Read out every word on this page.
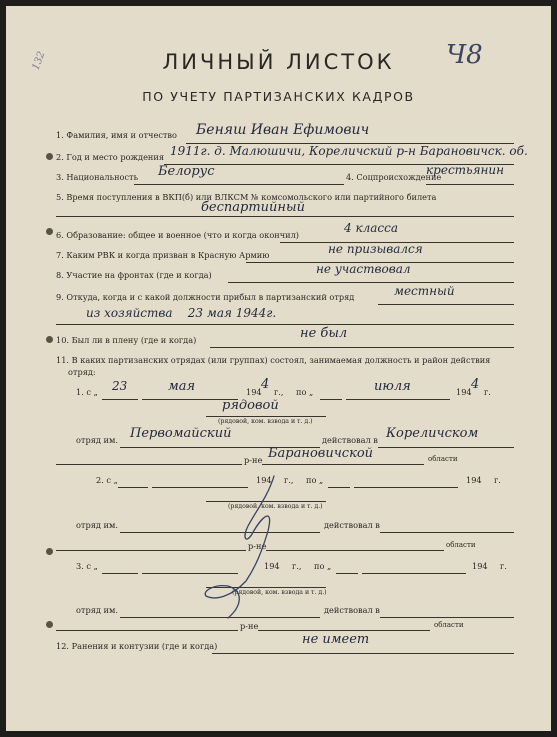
132	ЛИЧНЫЙ ЛИСТОК	Ч8
ПО УЧЕТУ ПАРТИЗАНСКИХ КАДРОВ
1. Фамилия, имя и отчество Беняш Иван Ефимович
2. Год и место рождения 1911г. д. Малюшичи, Кореличский р-н Барановичск. об.
3. Национальность Белорус	4. Соцпроисхождение
крестьянин
5. Время поступления в ВКП(б) или ВЛКСМ № комсомольского или партийного билета
беспартийный
6. Образование: общее и военное (что и когда окончил)	4 класса
7. Каким РВК и когда призван в Красную Армию	не призывался
8. Участие на фронтах (где и когда)	не участвовал
9. Откуда, когда и с какой должности прибыл в партизанский отряд	местный
из хозяйства    23 мая 1944г.
10. Был ли в плену (где и когда)	не был
11. В каких партизанских отрядах (или группах) состоял, занимаемая должность и район действия
отряд:
1. с „ 23	мая	194 4 г., по „	июля	194 4 г.
рядовой
(рядовой, ком. взвода и т. д.)
отряд им. Первомайский	действовал в Кореличском
р-не Барановичской	области
2. с „	194 г., по „	194 г.
(рядовой, ком. взвода и т. д.)
отряд им.	действовал в
р-не	области
3. с „	194 г., по „	194 г.
(рядовой, ком. взвода и т. д.)
отряд им.	действовал в
р-не	области
12. Ранения и контузии (где и когда)	не имеет
